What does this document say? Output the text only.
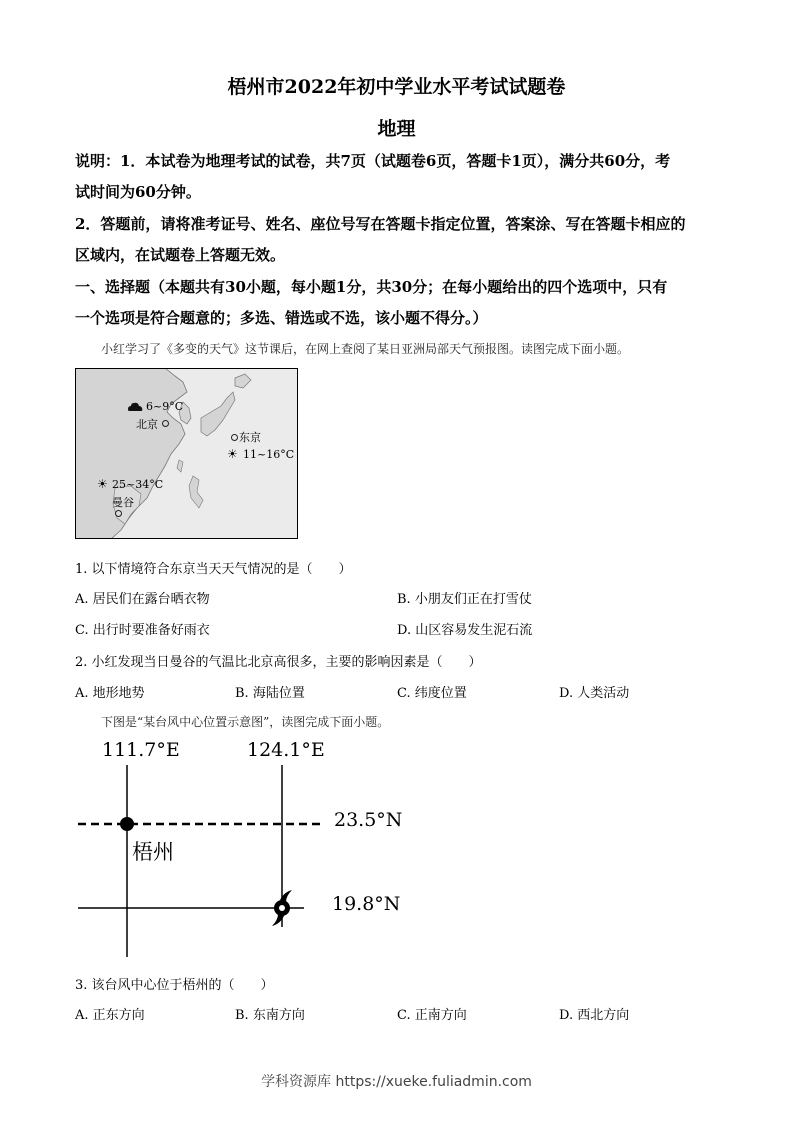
梧州市2022年初中学业水平考试试题卷
地理
说明：1．本试卷为地理考试的试卷，共7页（试题卷6页，答题卡1页），满分共60分，考
试时间为60分钟。
2．答题前，请将准考证号、姓名、座位号写在答题卡指定位置，答案涂、写在答题卡相应的
区域内，在试题卷上答题无效。
一、选择题（本题共有30小题，每小题1分，共30分；在每小题给出的四个选项中，只有
一个选项是符合题意的；多选、错选或不选，该小题不得分。）
小红学习了《多变的天气》这节课后，在网上查阅了某日亚洲局部天气预报图。读图完成下面小题。
6~9°C
北京
东京
☀ 11~16°C
☀ 25~34°C
曼谷
1. 以下情境符合东京当天天气情况的是（　　）
A. 居民们在露台晒衣物	B. 小朋友们正在打雪仗
C. 出行时要准备好雨衣	D. 山区容易发生泥石流
2. 小红发现当日曼谷的气温比北京高很多，主要的影响因素是（　　）
A. 地形地势	B. 海陆位置	C. 纬度位置	D. 人类活动
下图是“某台风中心位置示意图”，读图完成下面小题。
111.7°E	124.1°E
23.5°N
19.8°N
梧州
3. 该台风中心位于梧州的（　　）
A. 正东方向	B. 东南方向	C. 正南方向	D. 西北方向
学科资源库 https://xueke.fuliadmin.com
